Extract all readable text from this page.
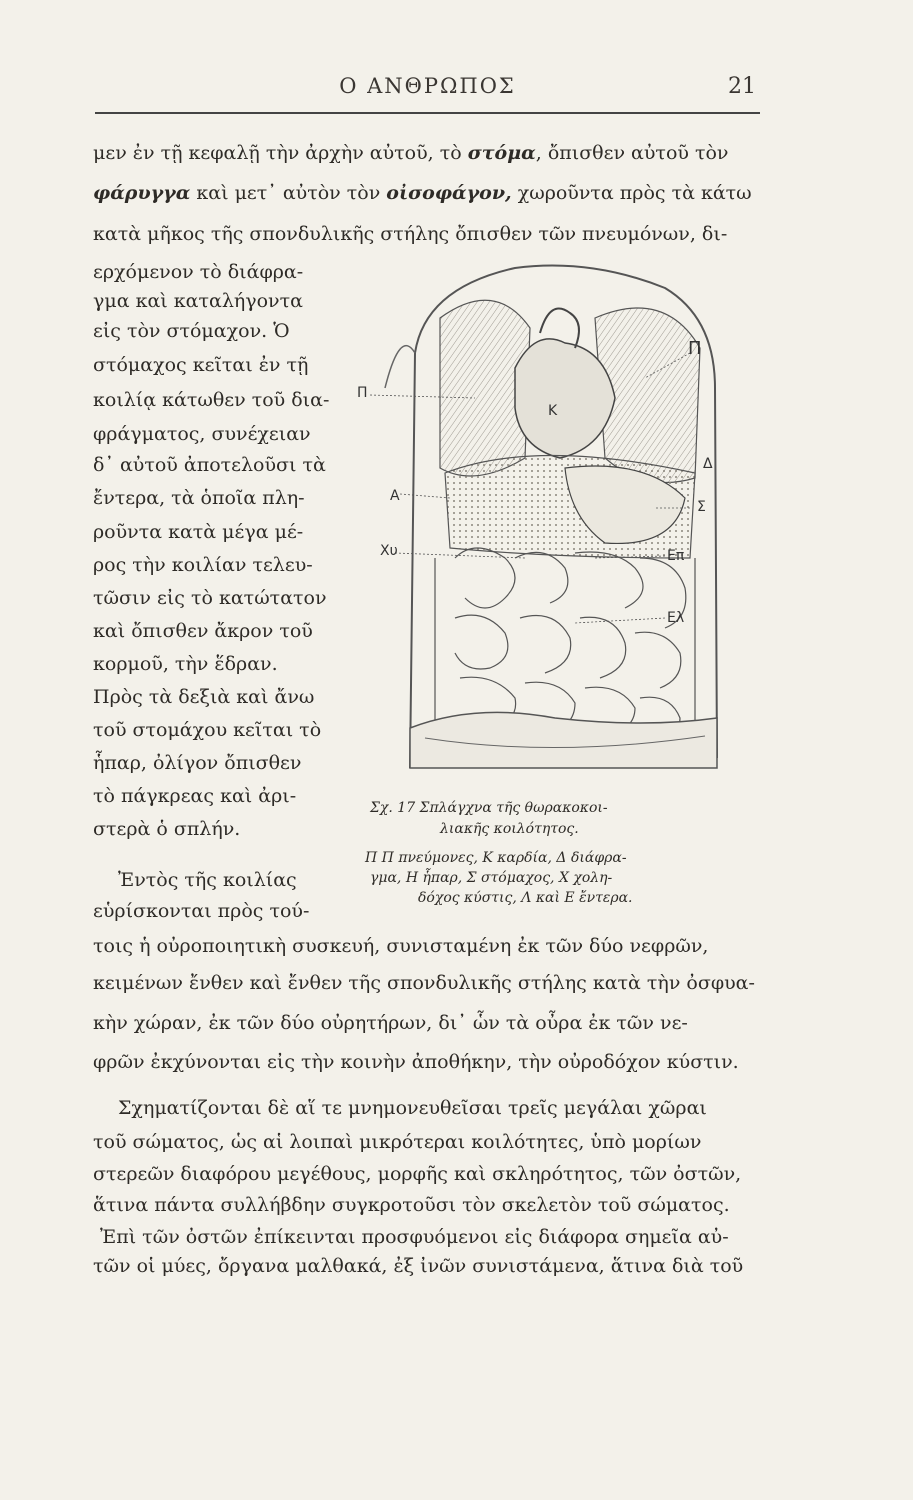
Ο ΑΝΘΡΩΠΟΣ	21
μεν ἐν τῇ κεφαλῇ τὴν ἀρχὴν αὐτοῦ, τὸ στόμα, ὄπισθεν αὐτοῦ τὸν
φάρυγγα καὶ μετ᾽ αὐτὸν τὸν οἰσοφάγον, χωροῦντα πρὸς τὰ κάτω
κατὰ μῆκος τῆς σπονδυλικῆς στήλης ὄπισθεν τῶν πνευμόνων, δι-
ερχόμενον τὸ διάφρα-
γμα καὶ καταλήγοντα
εἰς τὸν στόμαχον. Ὁ
στόμαχος κεῖται ἐν τῇ
κοιλίᾳ κάτωθεν τοῦ δια-
φράγματος, συνέχειαν
δ᾽ αὐτοῦ ἀποτελοῦσι τὰ
ἔντερα, τὰ ὁποῖα πλη-
ροῦντα κατὰ μέγα μέ-
ρος τὴν κοιλίαν τελευ-
τῶσιν εἰς τὸ κατώτατον
καὶ ὄπισθεν ἄκρον τοῦ
κορμοῦ, τὴν ἕδραν.
Πρὸς τὰ δεξιὰ καὶ ἄνω
τοῦ στομάχου κεῖται τὸ
ἧπαρ, ὀλίγον ὄπισθεν
τὸ πάγκρεας καὶ ἀρι-
στερὰ ὁ σπλήν.
Ἐντὸς τῆς κοιλίας
εὑρίσκονται πρὸς τού-
τοις ἡ οὐροποιητικὴ συσκευή, συνισταμένη ἐκ τῶν δύο νεφρῶν,
κειμένων ἔνθεν καὶ ἔνθεν τῆς σπονδυλικῆς στήλης κατὰ τὴν ὀσφυα-
κὴν χώραν, ἐκ τῶν δύο οὐρητήρων, δι᾽ ὧν τὰ οὖρα ἐκ τῶν νε-
φρῶν ἐκχύνονται εἰς τὴν κοινὴν ἀποθήκην, τὴν οὐροδόχον κύστιν.
Σχηματίζονται δὲ αἵ τε μνημονευθεῖσαι τρεῖς μεγάλαι χῶραι
τοῦ σώματος, ὡς αἱ λοιπαὶ μικρότεραι κοιλότητες, ὑπὸ μορίων
στερεῶν διαφόρου μεγέθους, μορφῆς καὶ σκληρότητος, τῶν ὀστῶν,
ἅτινα πάντα συλλήβδην συγκροτοῦσι τὸν σκελετὸν τοῦ σώματος.
Ἐπὶ τῶν ὀστῶν ἐπίκεινται προσφυόμενοι εἰς διάφορα σημεῖα αὐ-
τῶν οἱ μύες, ὄργανα μαλθακά, ἐξ ἰνῶν συνιστάμενα, ἅτινα διὰ τοῦ
Π
Π
Κ
Δ
Α
Σ
Χυ	Επ
Ελ
Σχ. 17 Σπλάγχνα τῆς θωρακοκοι-
λιακῆς κοιλότητος.
Π Π πνεύμονες, Κ καρδία, Δ διάφρα-
γμα, Η ἧπαρ, Σ στόμαχος, Χ χολη-
δόχος κύστις, Λ καὶ Ε ἔντερα.
